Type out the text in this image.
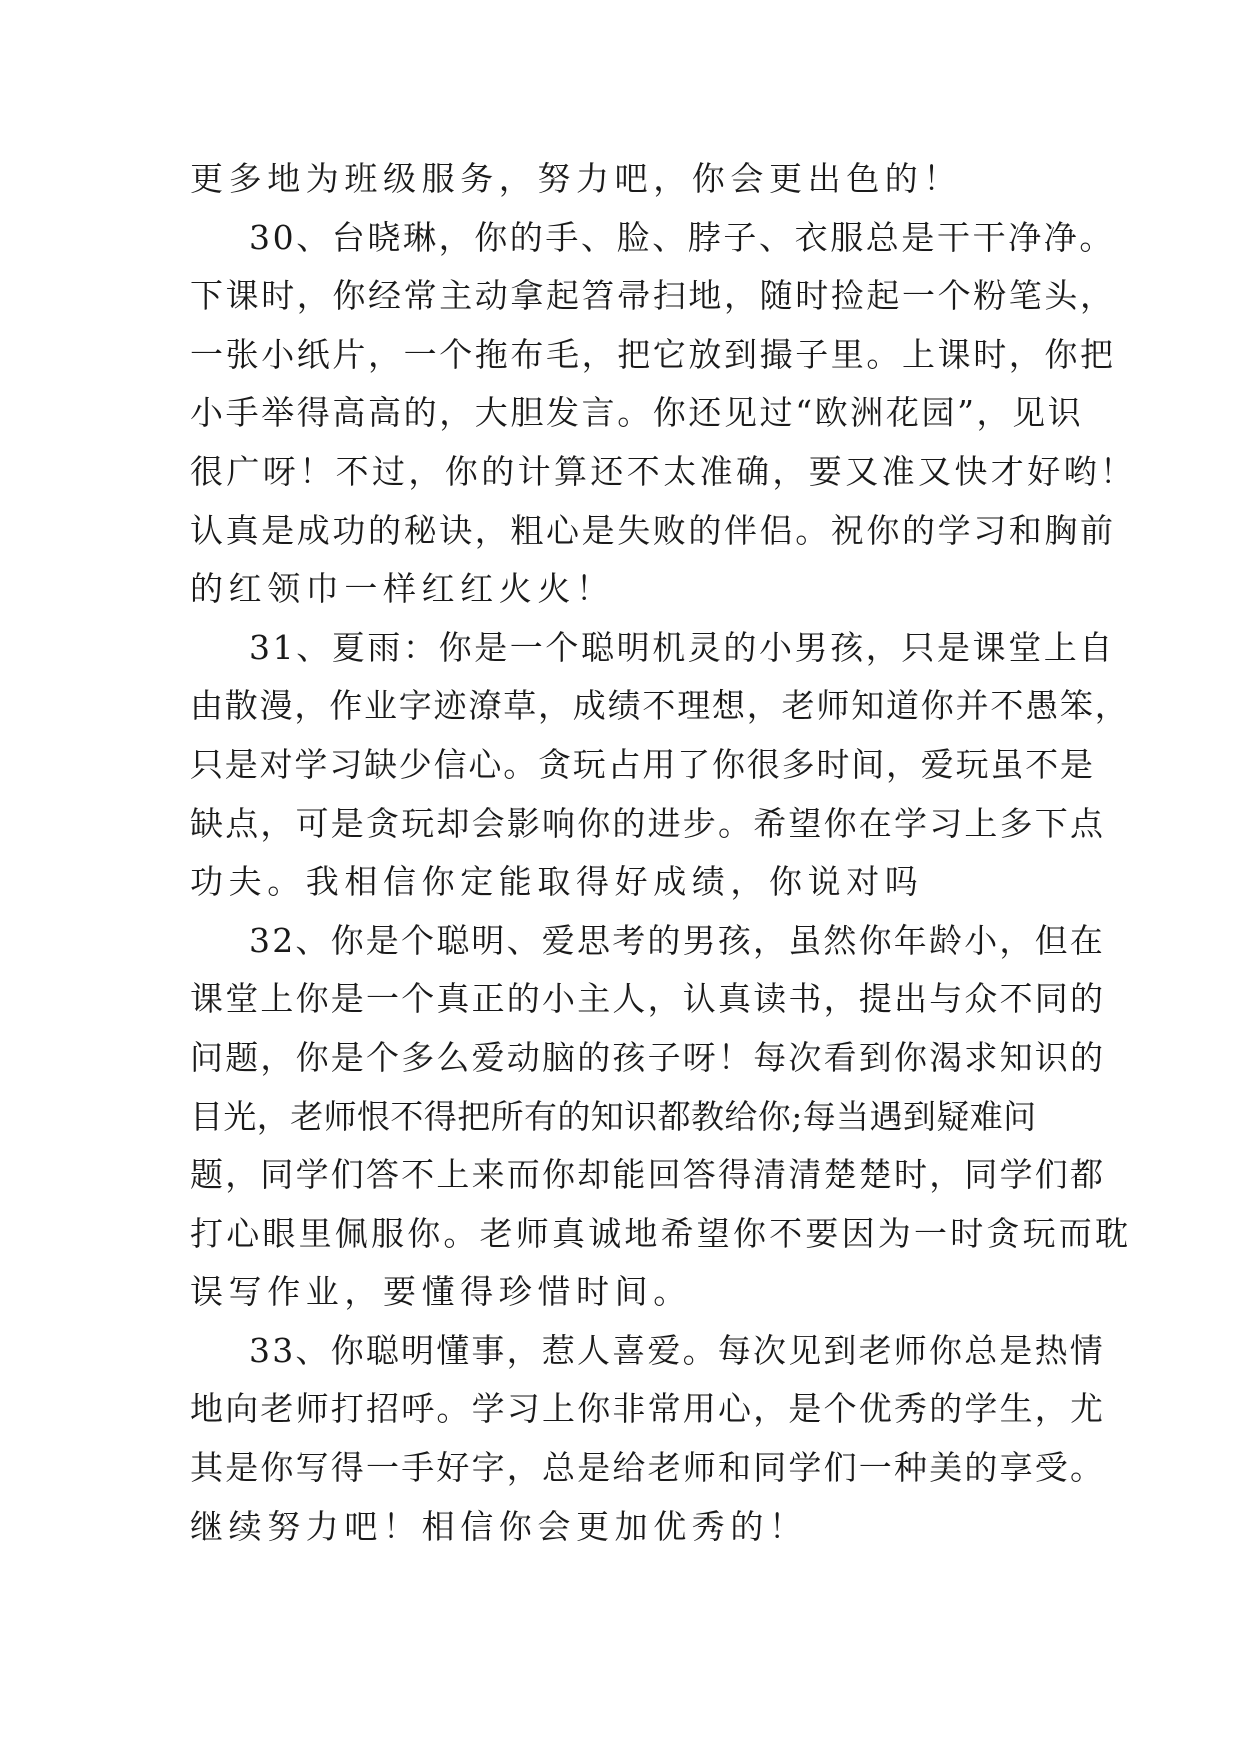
更多地为班级服务，努力吧，你会更出色的！
30、台晓琳，你的手、脸、脖子、衣服总是干干净净。
下课时，你经常主动拿起笤帚扫地，随时捡起一个粉笔头，
一张小纸片，一个拖布毛，把它放到撮子里。上课时，你把
小手举得高高的，大胆发言。你还见过“欧洲花园”，见识
很广呀！不过，你的计算还不太准确，要又准又快才好哟！
认真是成功的秘诀，粗心是失败的伴侣。祝你的学习和胸前
的红领巾一样红红火火！
31、夏雨：你是一个聪明机灵的小男孩，只是课堂上自
由散漫，作业字迹潦草，成绩不理想，老师知道你并不愚笨，
只是对学习缺少信心。贪玩占用了你很多时间，爱玩虽不是
缺点，可是贪玩却会影响你的进步。希望你在学习上多下点
功夫。我相信你定能取得好成绩，你说对吗
32、你是个聪明、爱思考的男孩，虽然你年龄小，但在
课堂上你是一个真正的小主人，认真读书，提出与众不同的
问题，你是个多么爱动脑的孩子呀！每次看到你渴求知识的
目光，老师恨不得把所有的知识都教给你;每当遇到疑难问
题，同学们答不上来而你却能回答得清清楚楚时，同学们都
打心眼里佩服你。老师真诚地希望你不要因为一时贪玩而耽
误写作业，要懂得珍惜时间。
33、你聪明懂事，惹人喜爱。每次见到老师你总是热情
地向老师打招呼。学习上你非常用心，是个优秀的学生，尤
其是你写得一手好字，总是给老师和同学们一种美的享受。
继续努力吧！相信你会更加优秀的！
